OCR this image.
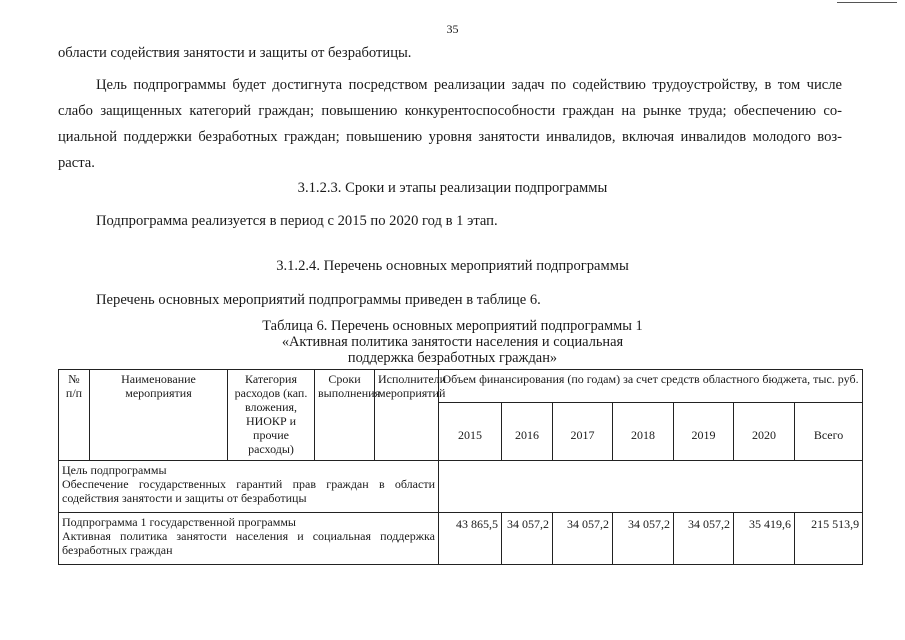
35
области содействия занятости и защиты от безработицы.
Цель подпрограммы будет достигнута посредством реализации задач по содействию трудоустройству, в том числе
слабо защищенных категорий граждан; повышению конкурентоспособности граждан на рынке труда; обеспечению со-
циальной поддержки безработных граждан; повышению уровня занятости инвалидов, включая инвалидов молодого воз-
раста.
3.1.2.3. Сроки и этапы реализации подпрограммы
Подпрограмма реализуется в период с 2015 по 2020 год в 1 этап.
3.1.2.4. Перечень основных мероприятий подпрограммы
Перечень основных мероприятий подпрограммы приведен в таблице 6.
Таблица 6. Перечень основных мероприятий подпрограммы 1
«Активная политика занятости населения и социальная
поддержка безработных граждан»
№ п/п	Наименование мероприятия	Категория расходов (кап. вложения, НИОКР и прочие расходы)	Сроки выполнения	Исполнители мероприятий	Объем финансирования (по годам) за счет средств областного бюджета, тыс. руб.						
					2015	2016	2017	2018	2019	2020	Всего

Цель подпрограммы
Обеспечение государственных гарантий прав граждан в области содействия занятости и защиты от безработицы											

Подпрограмма 1 государственной программы
Активная политика занятости населения и социальная поддержка безработных граждан					43 865,5	34 057,2	34 057,2	34 057,2	34 057,2	35 419,6	215 513,9
